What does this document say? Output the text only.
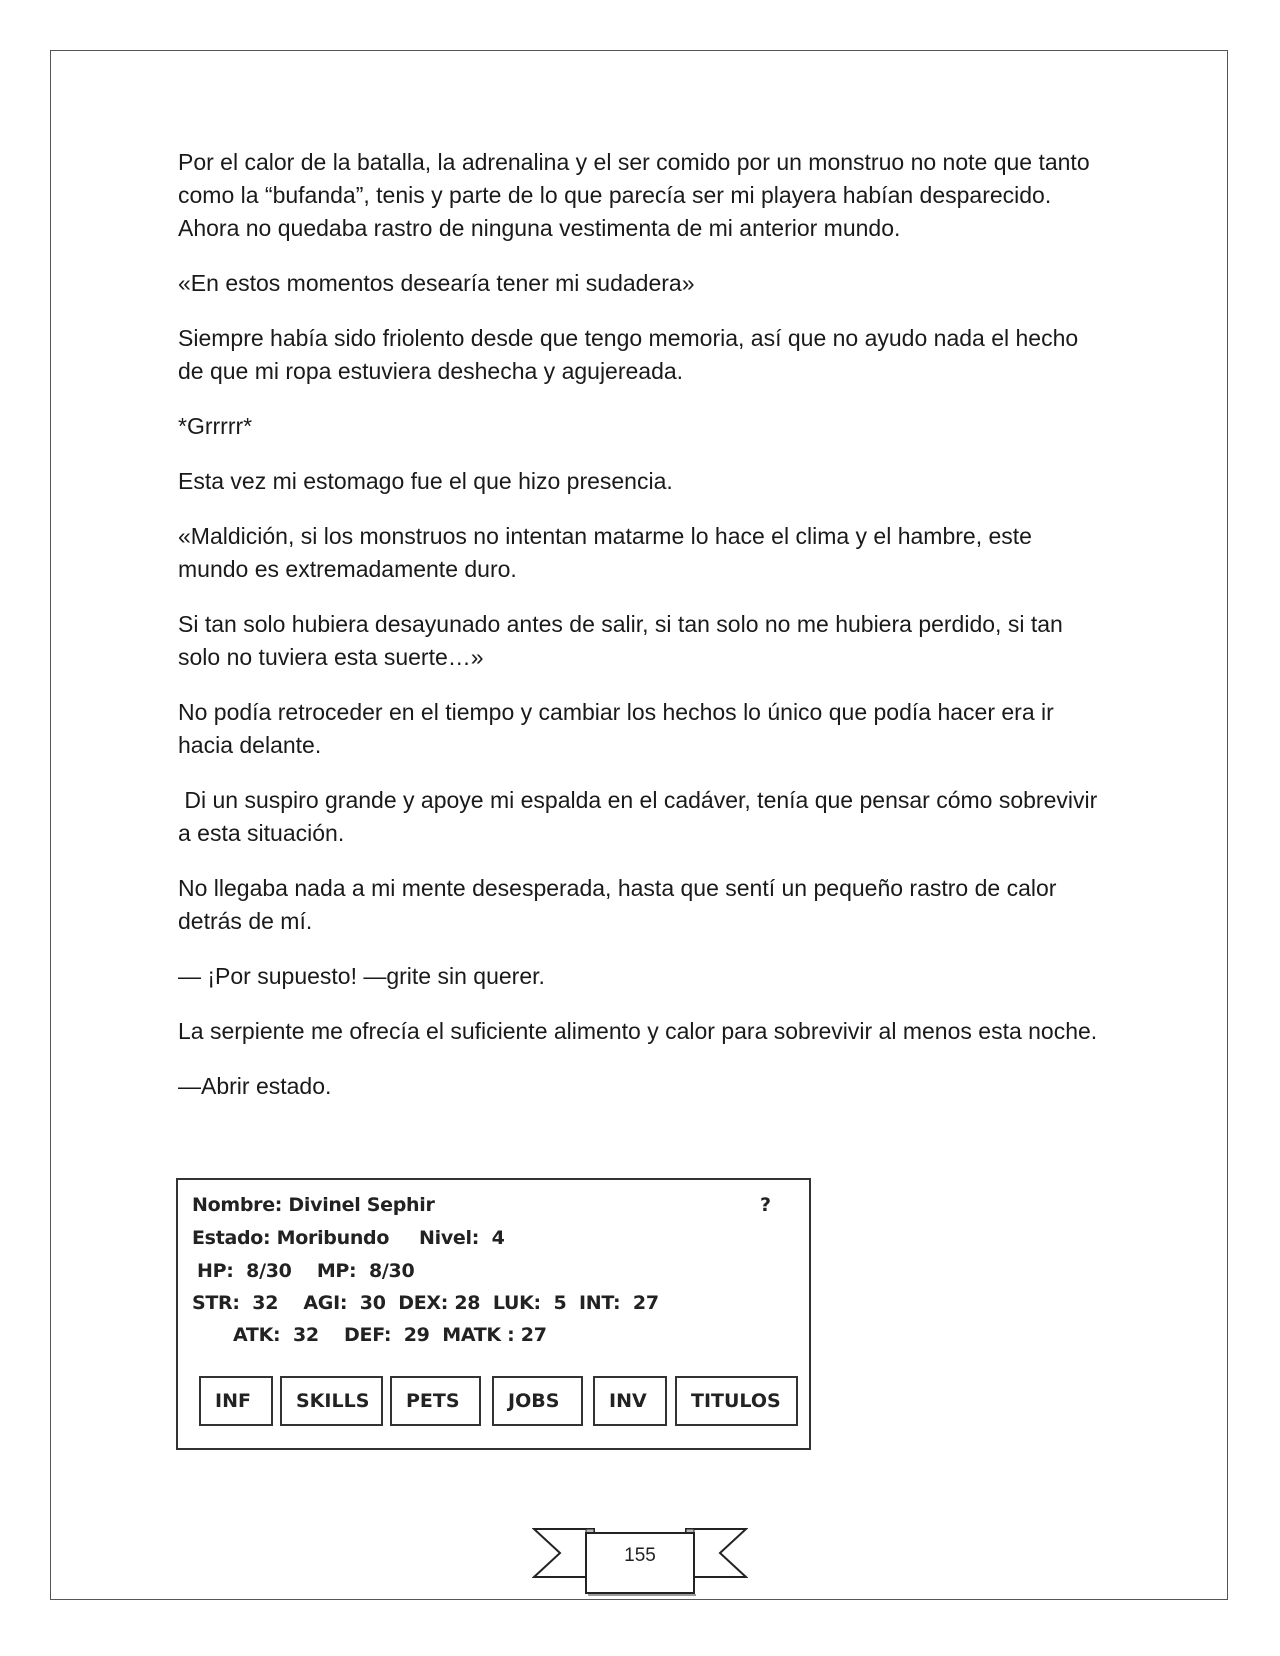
Por el calor de la batalla, la adrenalina y el ser comido por un monstruo no note que tanto como la “bufanda”, tenis y parte de lo que parecía ser mi playera habían desparecido. Ahora no quedaba rastro de ninguna vestimenta de mi anterior mundo.

«En estos momentos desearía tener mi sudadera»

Siempre había sido friolento desde que tengo memoria, así que no ayudo nada el hecho de que mi ropa estuviera deshecha y agujereada.

*Grrrrr*

Esta vez mi estomago fue el que hizo presencia.

«Maldición, si los monstruos no intentan matarme lo hace el clima y el hambre, este mundo es extremadamente duro.

Si tan solo hubiera desayunado antes de salir, si tan solo no me hubiera perdido, si tan solo no tuviera esta suerte…»

No podía retroceder en el tiempo y cambiar los hechos lo único que podía hacer era ir hacia delante.

Di un suspiro grande y apoye mi espalda en el cadáver, tenía que pensar cómo sobrevivir a esta situación.

No llegaba nada a mi mente desesperada, hasta que sentí un pequeño rastro de calor detrás de mí.

— ¡Por supuesto! —grite sin querer.

La serpiente me ofrecía el suficiente alimento y calor para sobrevivir al menos esta noche.

—Abrir estado.

Nombre: Divinel Sephir	?
Estado: Moribundo Nivel:  4
HP:  8/30    MP:  8/30
STR:  32    AGI:  30  DEX: 28  LUK:  5  INT:  27
ATK:  32    DEF:  29  MATK : 27
INF	SKILLS	PETS	JOBS	INV	TITULOS
155
